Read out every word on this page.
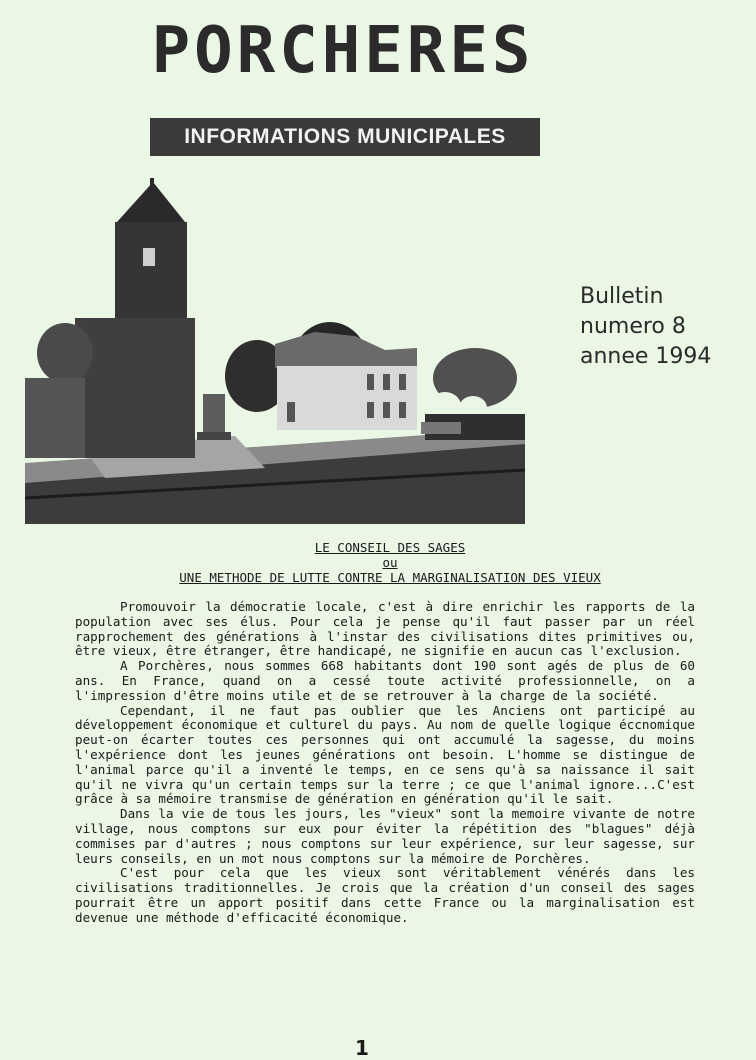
PORCHERES
INFORMATIONS MUNICIPALES
Bulletin
numero 8
annee 1994
LE CONSEIL DES SAGES
ou
UNE METHODE DE LUTTE CONTRE LA MARGINALISATION DES VIEUX

Promouvoir la démocratie locale, c'est à dire enrichir les rapports de la population avec ses élus. Pour cela je pense qu'il faut passer par un réel rapprochement des générations à l'instar des civilisations dites primitives ou, être vieux, être étranger, être handicapé, ne signifie en aucun cas l'exclusion.

A Porchères, nous sommes 668 habitants dont 190 sont agés de plus de 60 ans. En France, quand on a cessé toute activité professionnelle, on a l'impression d'être moins utile et de se retrouver à la charge de la société.

Cependant, il ne faut pas oublier que les Anciens ont participé au développement économique et culturel du pays. Au nom de quelle logique éccnomique peut-on écarter toutes ces personnes qui ont accumulé la sagesse, du moins l'expérience dont les jeunes générations ont besoin. L'homme se distingue de l'animal parce qu'il a inventé le temps, en ce sens qu'à sa naissance il sait qu'il ne vivra qu'un certain temps sur la terre ; ce que l'animal ignore...C'est grâce à sa mémoire transmise de génération en génération qu'il le sait.

Dans la vie de tous les jours, les "vieux" sont la memoire vivante de notre village, nous comptons sur eux pour éviter la répétition des "blagues" déjà commises par d'autres ; nous comptons sur leur expérience, sur leur sagesse, sur leurs conseils, en un mot nous comptons sur la mémoire de Porchères.

C'est pour cela que les vieux sont véritablement vénérés dans les civilisations traditionnelles. Je crois que la création d'un conseil des sages pourrait être un apport positif dans cette France ou la marginalisation est devenue une méthode d'efficacité économique.

1
